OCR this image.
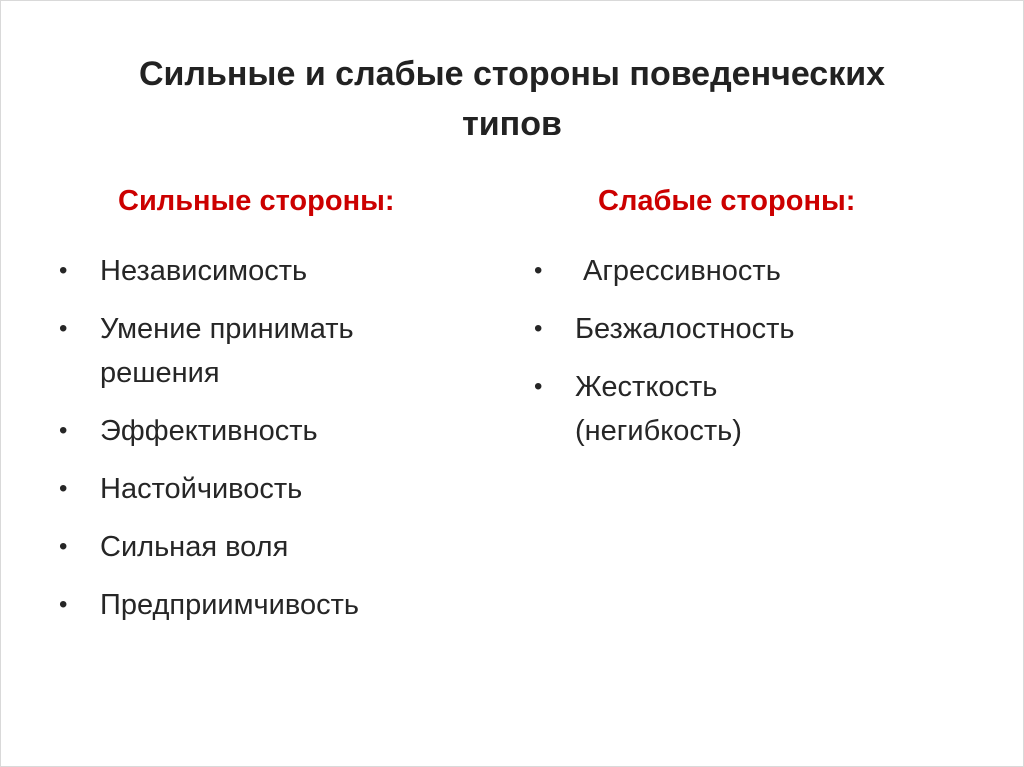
Сильные и слабые стороны поведенческих
типов
Сильные стороны:
• Независимость
• Умение принимать решения
• Эффективность
• Настойчивость
• Сильная воля
• Предприимчивость
Слабые стороны:
• Агрессивность
• Безжалостность
• Жесткость (негибкость)
